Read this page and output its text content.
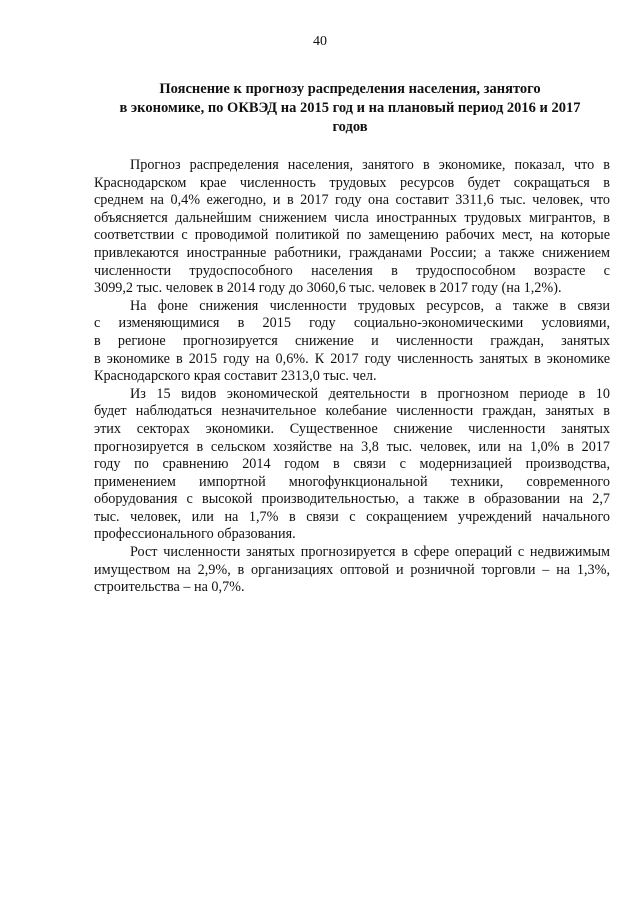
40
Пояснение к прогнозу распределения населения, занятого
в экономике, по ОКВЭД на 2015 год и на плановый период 2016 и 2017
годов
Прогноз распределения населения, занятого в экономике, показал, что в
Краснодарском крае численность трудовых ресурсов будет сокращаться в
среднем на 0,4% ежегодно, и в 2017 году она составит 3311,6 тыс. человек, что
объясняется дальнейшим снижением числа иностранных трудовых мигрантов, в
соответствии с проводимой политикой по замещению рабочих мест, на которые
привлекаются иностранные работники, гражданами России; а также снижением
численности трудоспособного населения в трудоспособном возрасте с
3099,2 тыс. человек в 2014 году до 3060,6 тыс. человек в 2017 году (на 1,2%).
На фоне снижения численности трудовых ресурсов, а также в связи
с изменяющимися в 2015 году социально-экономическими условиями,
в регионе прогнозируется снижение и численности граждан, занятых
в экономике в 2015 году на 0,6%. К 2017 году численность занятых в экономике
Краснодарского края составит 2313,0 тыс. чел.
Из 15 видов экономической деятельности в прогнозном периоде в 10
будет наблюдаться незначительное колебание численности граждан, занятых в
этих секторах экономики. Существенное снижение численности занятых
прогнозируется в сельском хозяйстве на 3,8 тыс. человек, или на 1,0% в 2017
году по сравнению 2014 годом в связи с модернизацией производства,
применением импортной многофункциональной техники, современного
оборудования с высокой производительностью, а также в образовании на 2,7
тыс. человек, или на 1,7% в связи с сокращением учреждений начального
профессионального образования.
Рост численности занятых прогнозируется в сфере операций с недвижимым
имуществом на 2,9%, в организациях оптовой и розничной торговли – на 1,3%,
строительства – на 0,7%.
